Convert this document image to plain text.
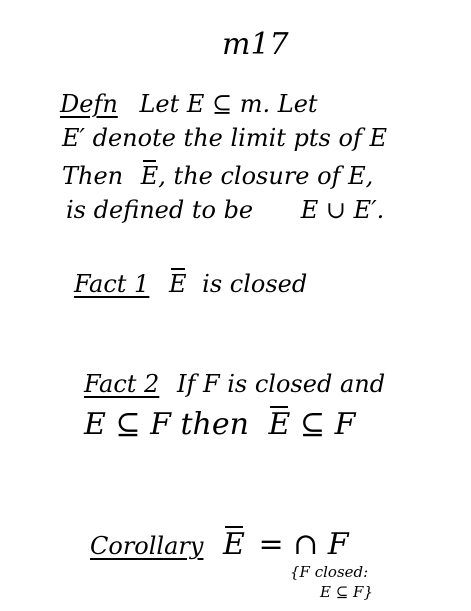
m17
Defn Let E ⊆ m. Let
E′ denote the limit pts of E
Then E, the closure of E,
is defined to be E ∪ E′.
Fact 1 E is closed
Fact 2 If F is closed and
E ⊆ F then E ⊆ F
Corollary E = ∩ F
{F closed:
E ⊆ F}
